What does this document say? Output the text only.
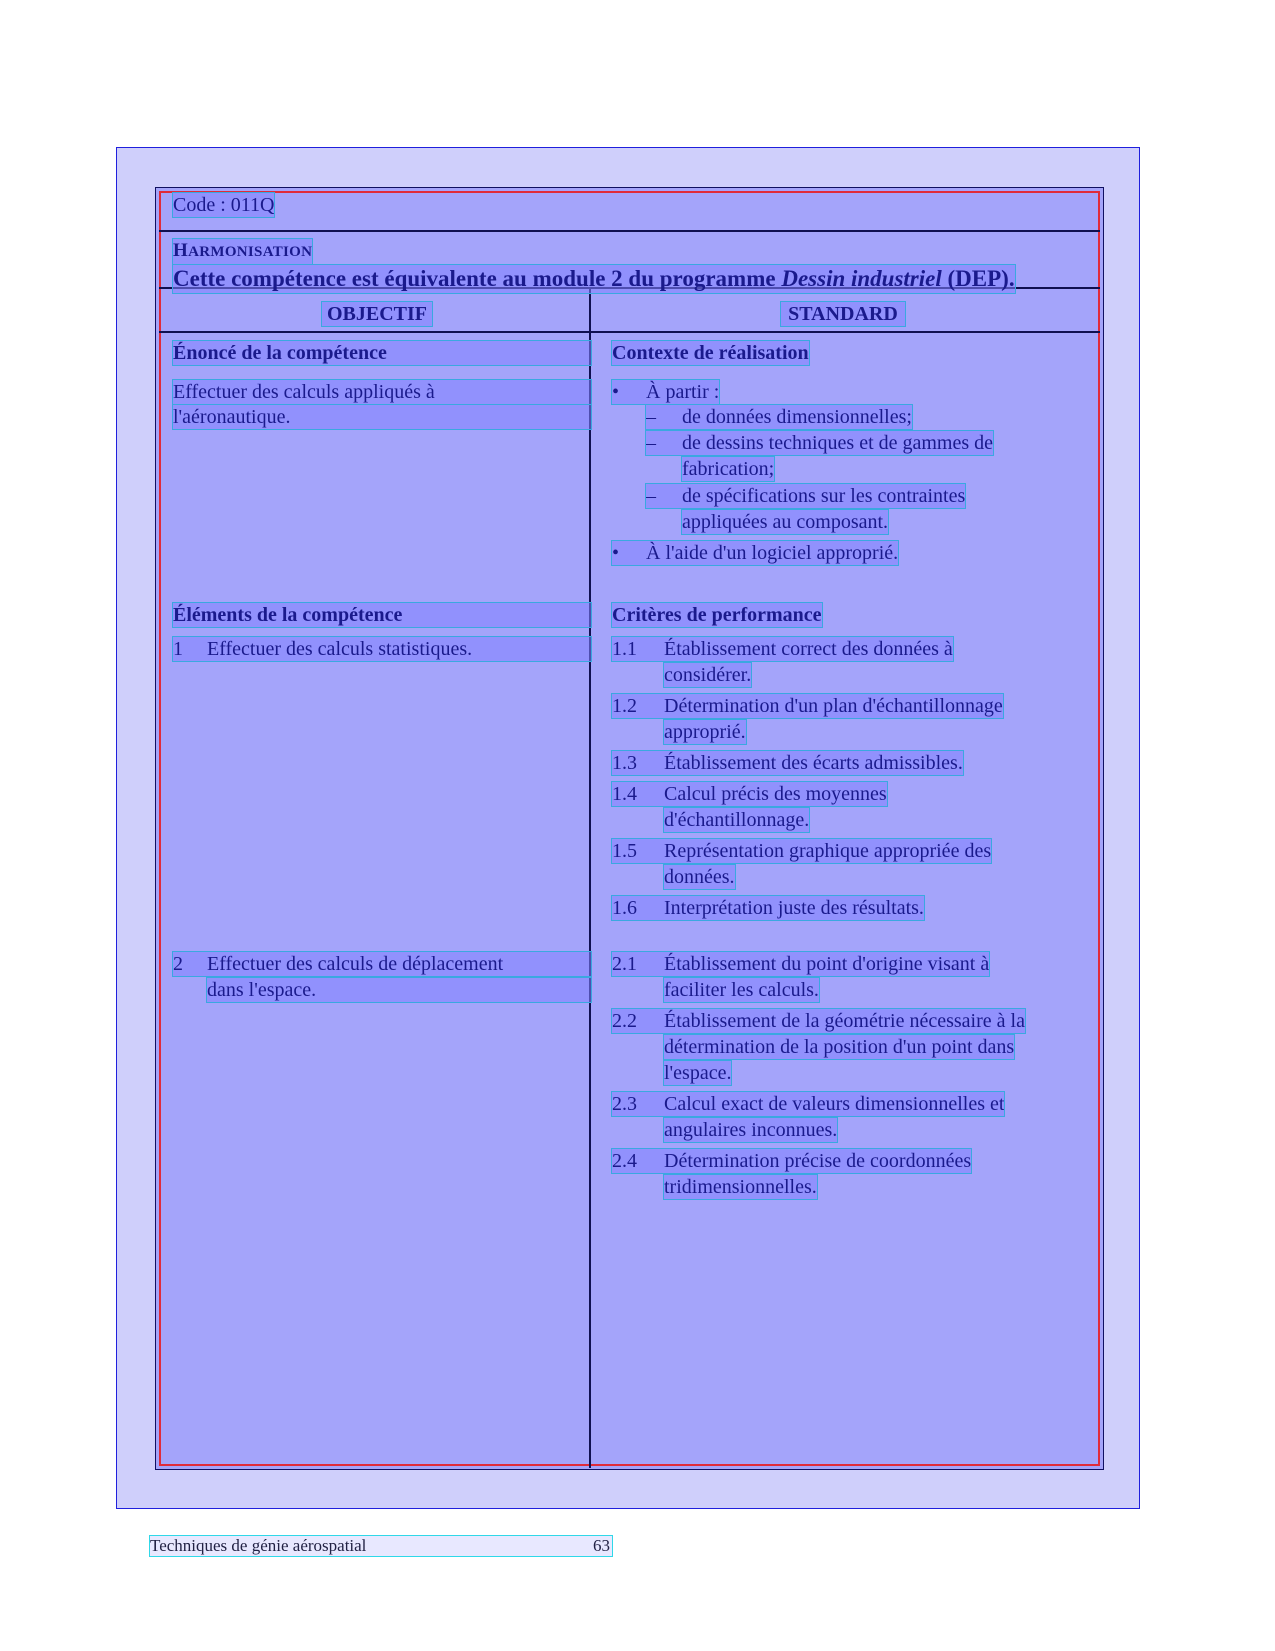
Code : 011Q
HARMONISATION
Cette compétence est équivalente au module 2 du programme Dessin industriel (DEP).
OBJECTIF	STANDARD
Énoncé de la compétence
Effectuer des calculs appliqués à
l'aéronautique.
Contexte de réalisation
• À partir :
– de données dimensionnelles;
– de dessins techniques et de gammes de
fabrication;
– de spécifications sur les contraintes
appliquées au composant.
• À l'aide d'un logiciel approprié.
Éléments de la compétence
1 Effectuer des calculs statistiques.
2 Effectuer des calculs de déplacement
dans l'espace.
Critères de performance
1.1 Établissement correct des données à
considérer.
1.2 Détermination d'un plan d'échantillonnage
approprié.
1.3 Établissement des écarts admissibles.
1.4 Calcul précis des moyennes
d'échantillonnage.
1.5 Représentation graphique appropriée des
données.
1.6 Interprétation juste des résultats.
2.1 Établissement du point d'origine visant à
faciliter les calculs.
2.2 Établissement de la géométrie nécessaire à la
détermination de la position d'un point dans
l'espace.
2.3 Calcul exact de valeurs dimensionnelles et
angulaires inconnues.
2.4 Détermination précise de coordonnées
tridimensionnelles.
Techniques de génie aérospatial	63
